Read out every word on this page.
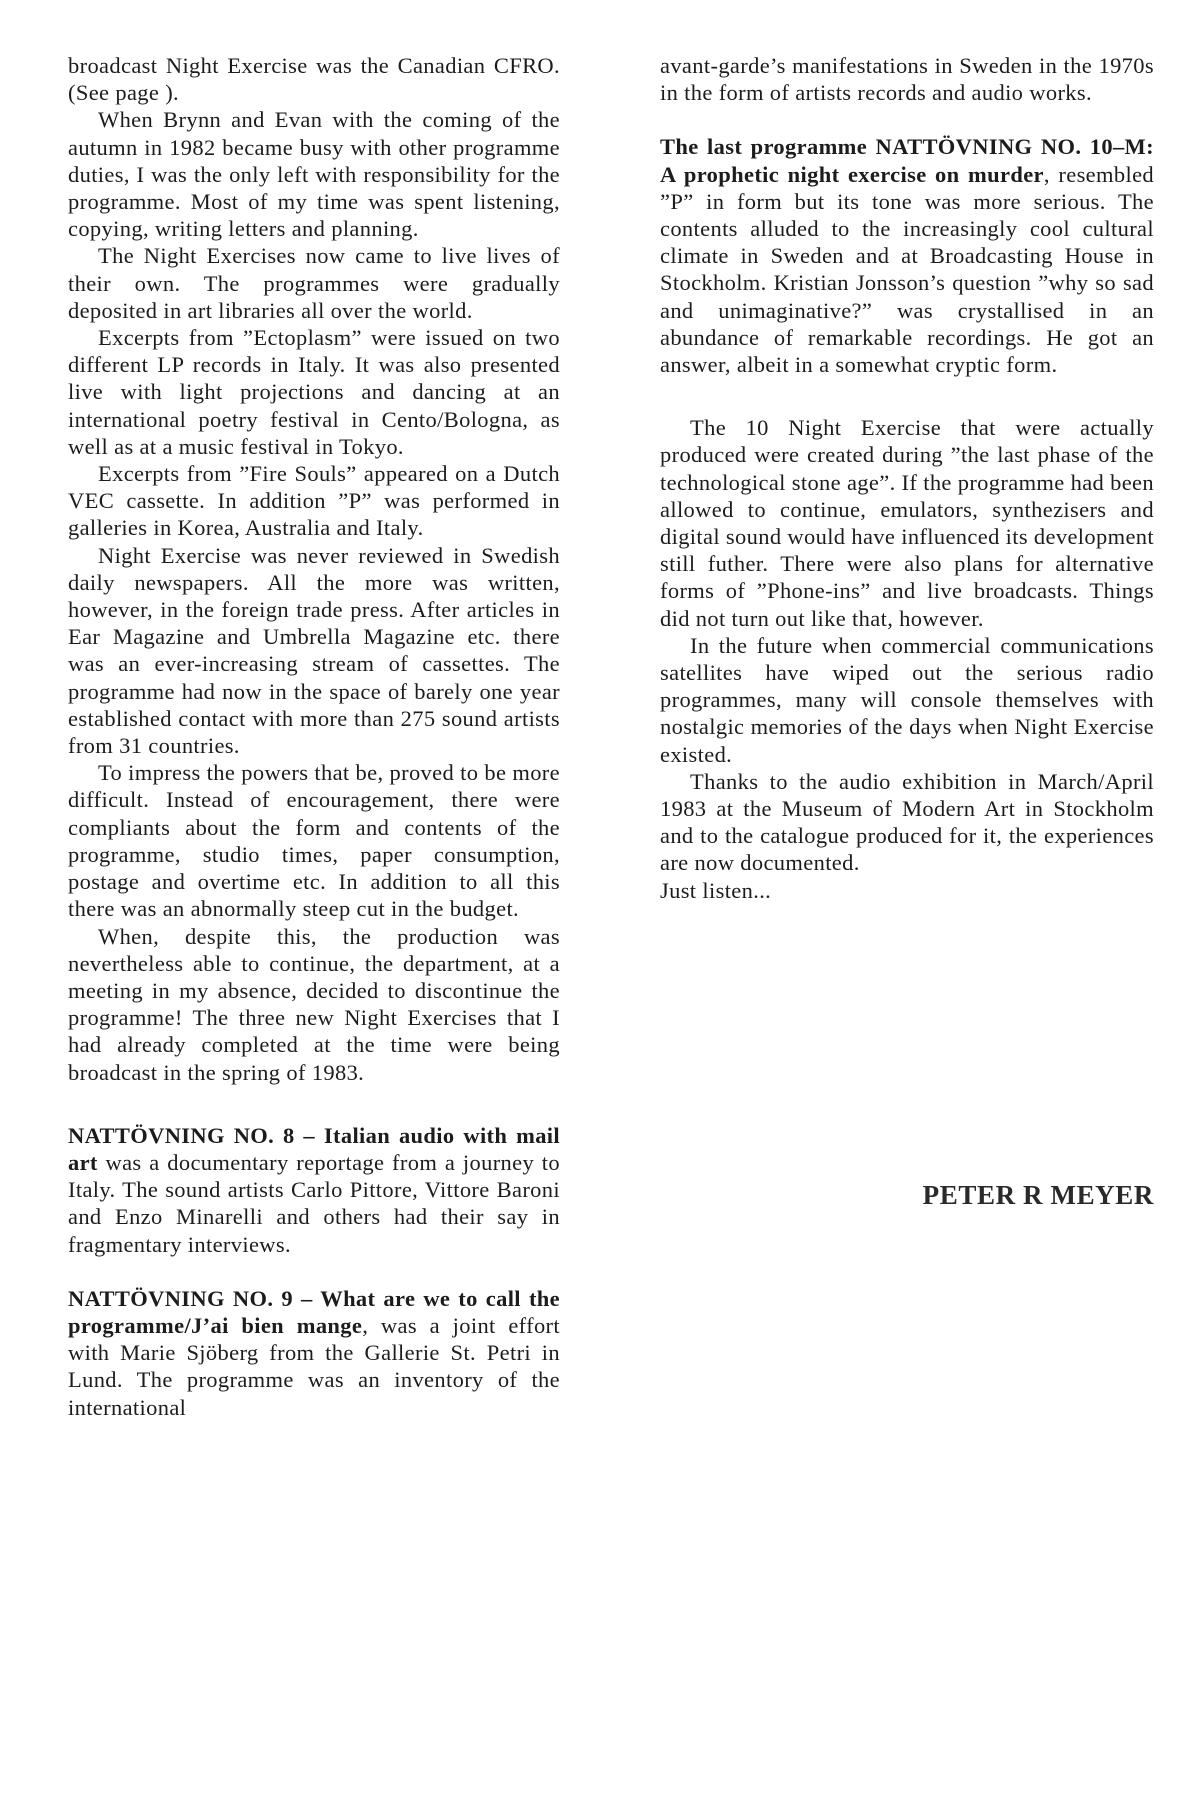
broadcast Night Exercise was the Canadian CFRO. (See page ).

When Brynn and Evan with the coming of the autumn in 1982 became busy with other programme duties, I was the only left with responsibility for the programme. Most of my time was spent listening, copying, writing letters and planning.

The Night Exercises now came to live lives of their own. The programmes were gradually deposited in art libraries all over the world.

Excerpts from ”Ectoplasm” were issued on two different LP records in Italy. It was also presented live with light projections and dancing at an international poetry festival in Cento/Bologna, as well as at a music festival in Tokyo.

Excerpts from ”Fire Souls” appeared on a Dutch VEC cassette. In addition ”P” was performed in galleries in Korea, Australia and Italy.

Night Exercise was never reviewed in Swedish daily newspapers. All the more was written, however, in the foreign trade press. After articles in Ear Magazine and Umbrella Magazine etc. there was an ever-increasing stream of cassettes. The programme had now in the space of barely one year established contact with more than 275 sound artists from 31 countries.

To impress the powers that be, proved to be more difficult. Instead of encouragement, there were compliants about the form and contents of the programme, studio times, paper consumption, postage and overtime etc. In addition to all this there was an abnormally steep cut in the budget.

When, despite this, the production was nevertheless able to continue, the department, at a meeting in my absence, decided to discontinue the programme! The three new Night Exercises that I had already completed at the time were being broadcast in the spring of 1983.

NATTÖVNING NO. 8 – Italian audio with mail art was a documentary reportage from a journey to Italy. The sound artists Carlo Pittore, Vittore Baroni and Enzo Minarelli and others had their say in fragmentary interviews.

NATTÖVNING NO. 9 – What are we to call the programme/J’ai bien mange, was a joint effort with Marie Sjöberg from the Gallerie St. Petri in Lund. The programme was an inventory of the international

avant-garde’s manifestations in Sweden in the 1970s in the form of artists records and audio works.

The last programme NATTÖVNING NO. 10–M: A prophetic night exercise on murder, resembled ”P” in form but its tone was more serious. The contents alluded to the increasingly cool cultural climate in Sweden and at Broadcasting House in Stockholm. Kristian Jonsson’s question ”why so sad and unimaginative?” was crystallised in an abundance of remarkable recordings. He got an answer, albeit in a somewhat cryptic form.

The 10 Night Exercise that were actually produced were created during ”the last phase of the technological stone age”. If the programme had been allowed to continue, emulators, synthezisers and digital sound would have influenced its development still futher. There were also plans for alternative forms of ”Phone-ins” and live broadcasts. Things did not turn out like that, however.

In the future when commercial communications satellites have wiped out the serious radio programmes, many will console themselves with nostalgic memories of the days when Night Exercise existed.

Thanks to the audio exhibition in March/April 1983 at the Museum of Modern Art in Stockholm and to the catalogue produced for it, the experiences are now documented.

Just listen...

PETER R MEYER
